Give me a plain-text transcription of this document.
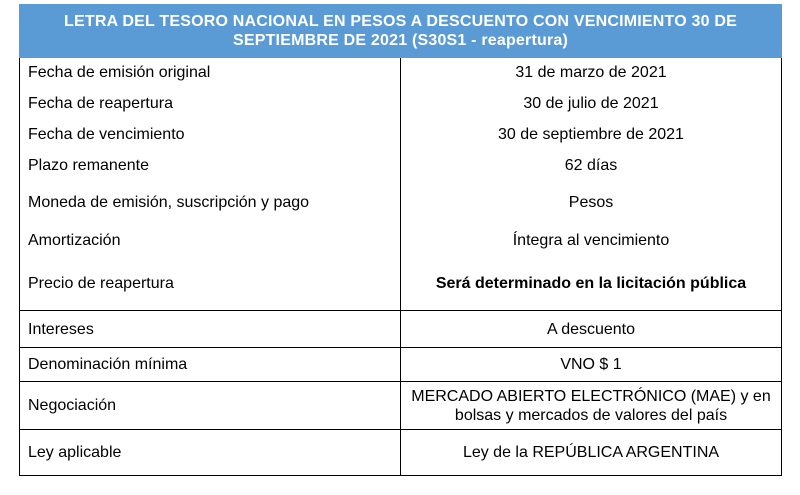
LETRA DEL TESORO NACIONAL EN PESOS A DESCUENTO CON VENCIMIENTO 30 DE SEPTIEMBRE DE 2021 (S30S1 - reapertura)	
Fecha de emisión original	31 de marzo de 2021
Fecha de reapertura	30 de julio de 2021
Fecha de vencimiento	30 de septiembre de 2021
Plazo remanente	62 días
Moneda de emisión, suscripción y pago	Pesos
Amortización	Íntegra al vencimiento
Precio de reapertura	Será determinado en la licitación pública
Intereses	A descuento
Denominación mínima	VNO $ 1
Negociación	MERCADO ABIERTO ELECTRÓNICO (MAE) y en bolsas y mercados de valores del país
Ley aplicable	Ley de la REPÚBLICA ARGENTINA
